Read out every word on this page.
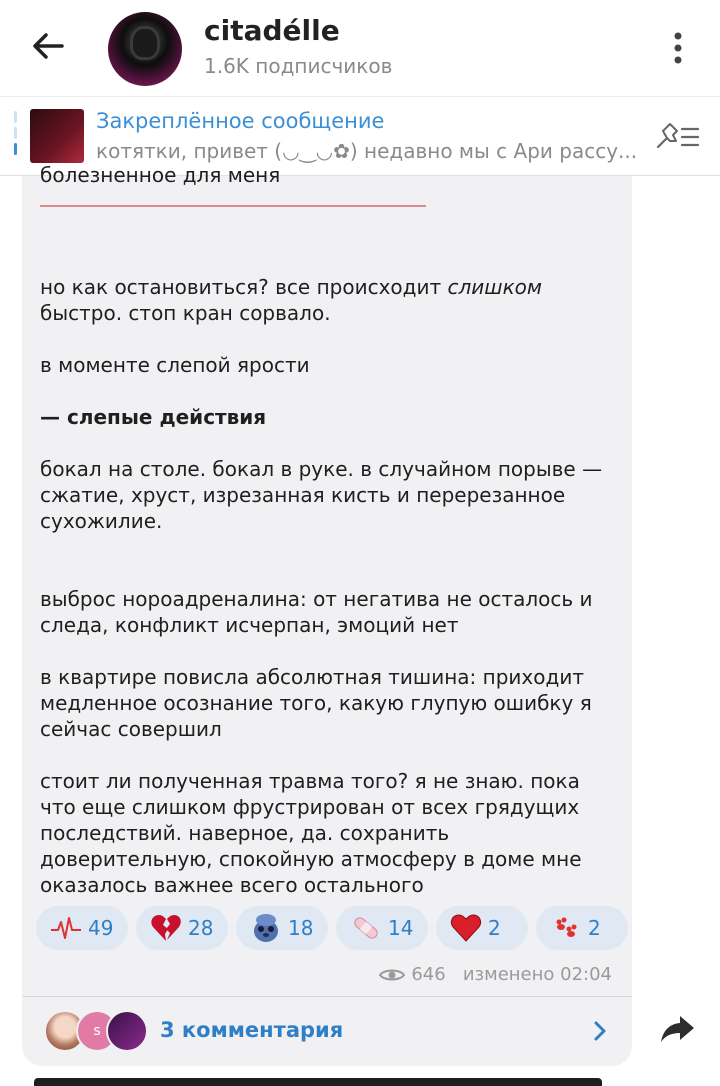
citadélle
1.6K подписчиков
Закреплённое сообщение
котятки, привет (◡‿◡✿) недавно мы с Ари рассу...
болезненное для меня
но как остановиться? все происходит слишком быстро. стоп кран сорвало.
в моменте слепой ярости
— слепые действия
бокал на столе. бокал в руке. в случайном порыве — сжатие, хруст, изрезанная кисть и перерезанное сухожилие.
выброс нороадреналина: от негатива не осталось и следа, конфликт исчерпан, эмоций нет
в квартире повисла абсолютная тишина: приходит медленное осознание того, какую глупую ошибку я сейчас совершил
стоит ли полученная травма того? я не знаю. пока что еще слишком фрустрирован от всех грядущих последствий. наверное, да. сохранить доверительную, спокойную атмосферу в доме мне оказалось важнее всего остального
49	28	18	14	2	2
646 изменено 02:04
s	3 комментария
